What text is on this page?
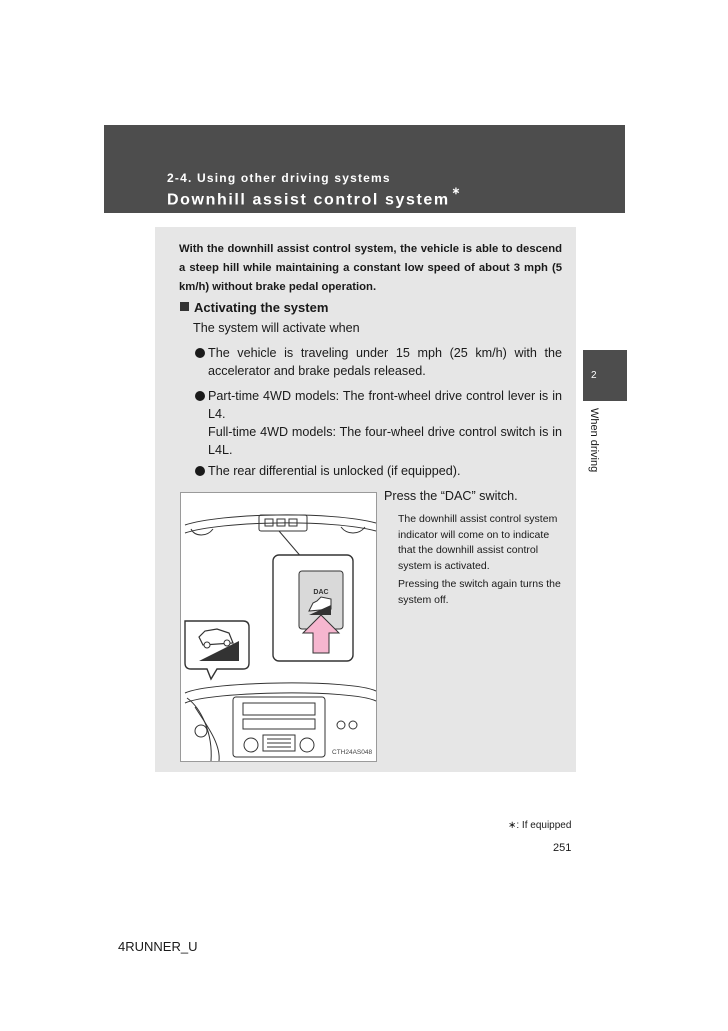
2-4. Using other driving systems
Downhill assist control system ∗
2
When driving
With the downhill assist control system, the vehicle is able to descend a steep hill while maintaining a constant low speed of about 3 mph (5 km/h) without brake pedal operation.
Activating the system
The system will activate when
The vehicle is traveling under 15 mph (25 km/h) with the accelerator and brake pedals released.
Part-time 4WD models: The front-wheel drive control lever is in L4.
Full-time 4WD models: The four-wheel drive control switch is in L4L.
The rear differential is unlocked (if equipped).
DAC
CTH24AS048
Press the “DAC” switch.
The downhill assist control system indicator will come on to indicate that the downhill assist control system is activated.
Pressing the switch again turns the system off.
∗: If equipped
251
4RUNNER_U
